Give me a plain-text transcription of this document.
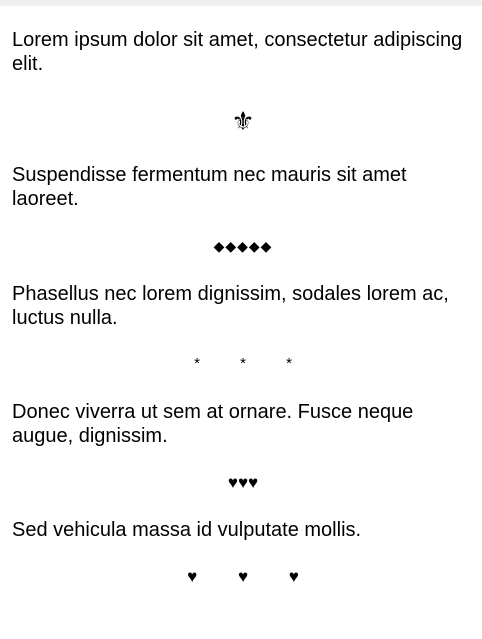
Lorem ipsum dolor sit amet, consectetur adipiscing elit.

⚜

Suspendisse fermentum nec mauris sit amet laoreet.

◆◆◆◆◆

Phasellus nec lorem dignissim, sodales lorem ac, luctus nulla.

* * *

Donec viverra ut sem at ornare. Fusce neque augue, dignissim.

♥♥♥

Sed vehicula massa id vulputate mollis.

♥ ♥ ♥
